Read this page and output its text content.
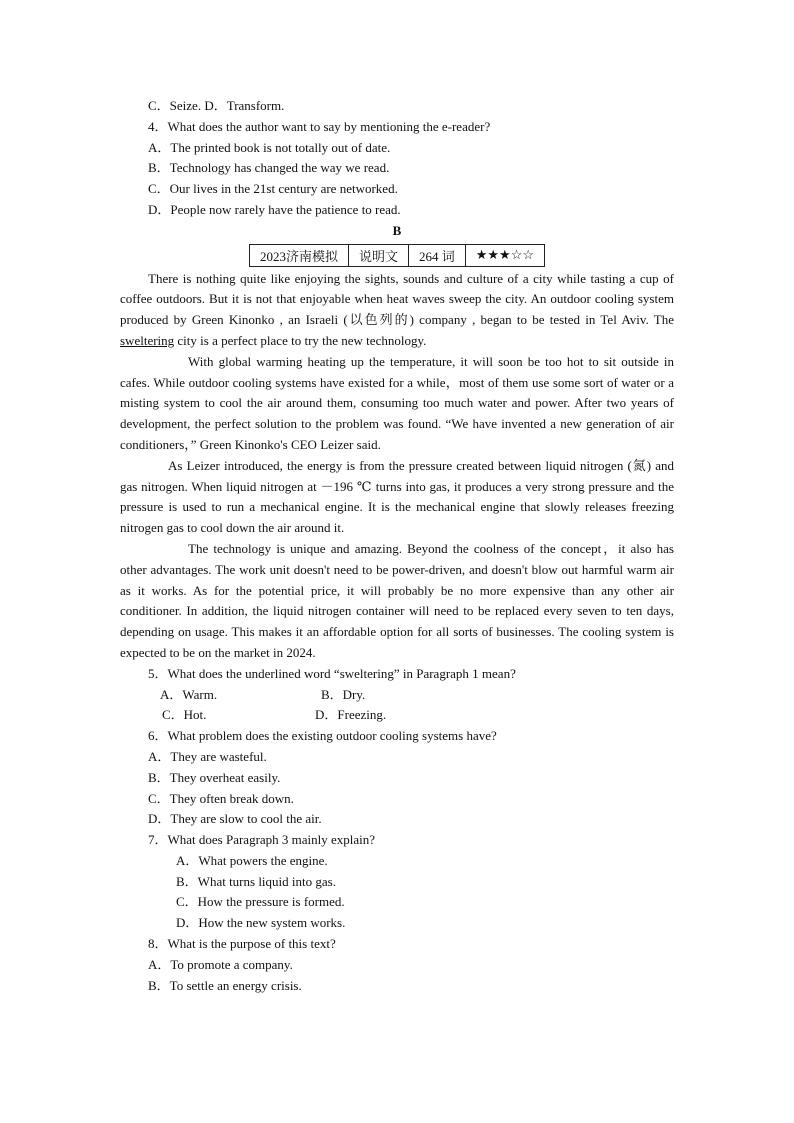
C．Seize. D．Transform.
4．What does the author want to say by mentioning the e-reader?
A．The printed book is not totally out of date.
B．Technology has changed the way we read.
C．Our lives in the 21st century are networked.
D．People now rarely have the patience to read.
B
2023济南模拟	说明文	264 词	★★★☆☆
There is nothing quite like enjoying the sights, sounds and culture of a city while tasting a cup of coffee outdoors. But it is not that enjoyable when heat waves sweep the city. An outdoor cooling system produced by Green Kinonko , an Israeli (以色列的) company , began to be tested in Tel Aviv. The sweltering city is a perfect place to try the new technology.
With global warming heating up the temperature, it will soon be too hot to sit outside in cafes. While outdoor cooling systems have existed for a while，most of them use some sort of water or a misting system to cool the air around them, consuming too much water and power. After two years of development, the perfect solution to the problem was found. “We have invented a new generation of air conditioners，” Green Kinonko's CEO Leizer said.
As Leizer introduced, the energy is from the pressure created between liquid nitrogen (氮) and gas nitrogen. When liquid nitrogen at －196 ℃ turns into gas, it produces a very strong pressure and the pressure is used to run a mechanical engine. It is the mechanical engine that slowly releases freezing nitrogen gas to cool down the air around it.
The technology is unique and amazing. Beyond the coolness of the concept，it also has other advantages. The work unit doesn't need to be power-driven, and doesn't blow out harmful warm air as it works. As for the potential price, it will probably be no more expensive than any other air conditioner. In addition, the liquid nitrogen container will need to be replaced every seven to ten days, depending on usage. This makes it an affordable option for all sorts of businesses. The cooling system is expected to be on the market in 2024.
5．What does the underlined word “sweltering” in Paragraph 1 mean?
A．Warm.	B．Dry.
C．Hot.	D．Freezing.
6．What problem does the existing outdoor cooling systems have?
A．They are wasteful.
B．They overheat easily.
C．They often break down.
D．They are slow to cool the air.
7．What does Paragraph 3 mainly explain?
A．What powers the engine.
B．What turns liquid into gas.
C．How the pressure is formed.
D．How the new system works.
8．What is the purpose of this text?
A．To promote a company.
B．To settle an energy crisis.
